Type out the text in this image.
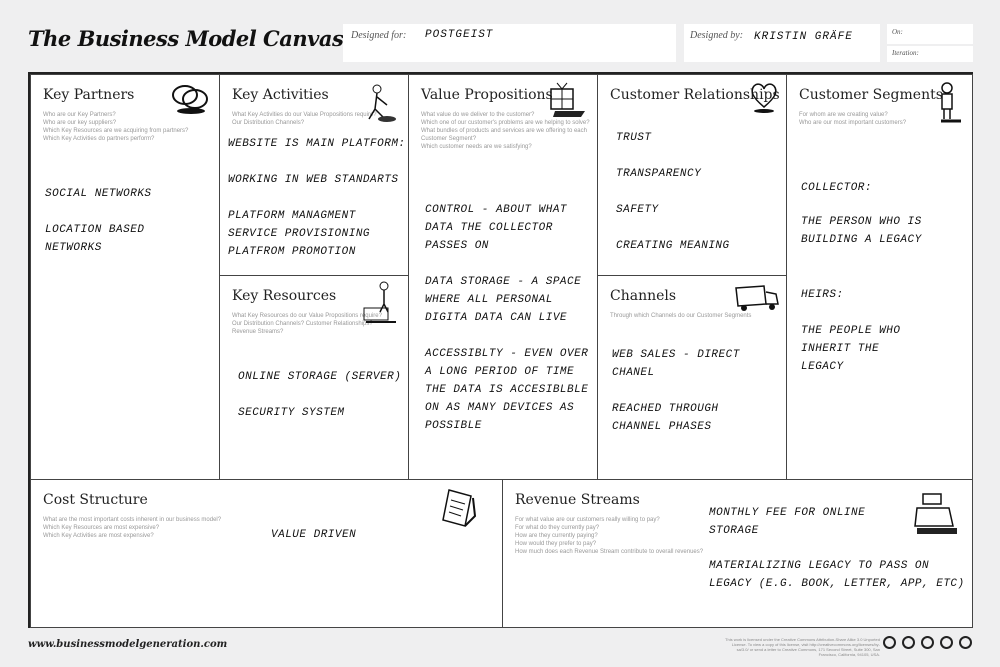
The Business Model Canvas Designed for: POSTGEIST	Designed by: KRISTIN GRÄFE	On:
Iteration:
Key Partners
Who are our Key Partners?
Who are our key suppliers?
Which Key Resources are we acquiring from partners?
Which Key Activities do partners perform?
SOCIAL NETWORKS
LOCATION BASED
NETWORKS
Key Activities
What Key Activities do our Value Propositions require?
Our Distribution Channels?
WEBSITE IS MAIN PLATFORM:
WORKING IN WEB STANDARTS
PLATFORM MANAGMENT
SERVICE PROVISIONING
PLATFROM PROMOTION
Key Resources
What Key Resources do our Value Propositions require?
Our Distribution Channels? Customer Relationships?
Revenue Streams?
ONLINE STORAGE (SERVER)
SECURITY SYSTEM
Value Propositions
What value do we deliver to the customer?
Which one of our customer's problems are we helping to solve?
What bundles of products and services are we offering to each Customer Segment?
Which customer needs are we satisfying?
CONTROL - ABOUT WHAT
DATA THE COLLECTOR
PASSES ON
DATA STORAGE - A SPACE
WHERE ALL PERSONAL
DIGITA DATA CAN LIVE
ACCESSIBLTY - EVEN OVER
A LONG PERIOD OF TIME
THE DATA IS ACCESIBLBLE
ON AS MANY DEVICES AS
POSSIBLE
Customer Relationships
TRUST
TRANSPARENCY
SAFETY
CREATING MEANING
Channels
Through which Channels do our Customer Segments
WEB SALES - DIRECT
CHANEL
REACHED THROUGH
CHANNEL PHASES
Customer Segments
For whom are we creating value?
Who are our most important customers?
COLLECTOR:
THE PERSON WHO IS
BUILDING A LEGACY
HEIRS:
THE PEOPLE WHO
INHERIT THE
LEGACY
Cost Structure
What are the most important costs inherent in our business model?
Which Key Resources are most expensive?
Which Key Activities are most expensive?	VALUE DRIVEN
Revenue Streams
For what value are our customers really willing to pay?
For what do they currently pay?
How are they currently paying?
How would they prefer to pay?
How much does each Revenue Stream contribute to overall revenues?
MONTHLY FEE FOR ONLINE
STORAGE
MATERIALIZING LEGACY TO PASS ON
LEGACY (E.G. BOOK, LETTER, APP, ETC)
www.businessmodelgeneration.com	This work is licensed under the Creative Commons Attribution-Share Alike 3.0 Unported License. To view a copy of this license, visit http://creativecommons.org/licenses/by-sa/3.0/ or send a letter to Creative Commons, 171 Second Street, Suite 300, San Francisco, California, 94105, USA.
